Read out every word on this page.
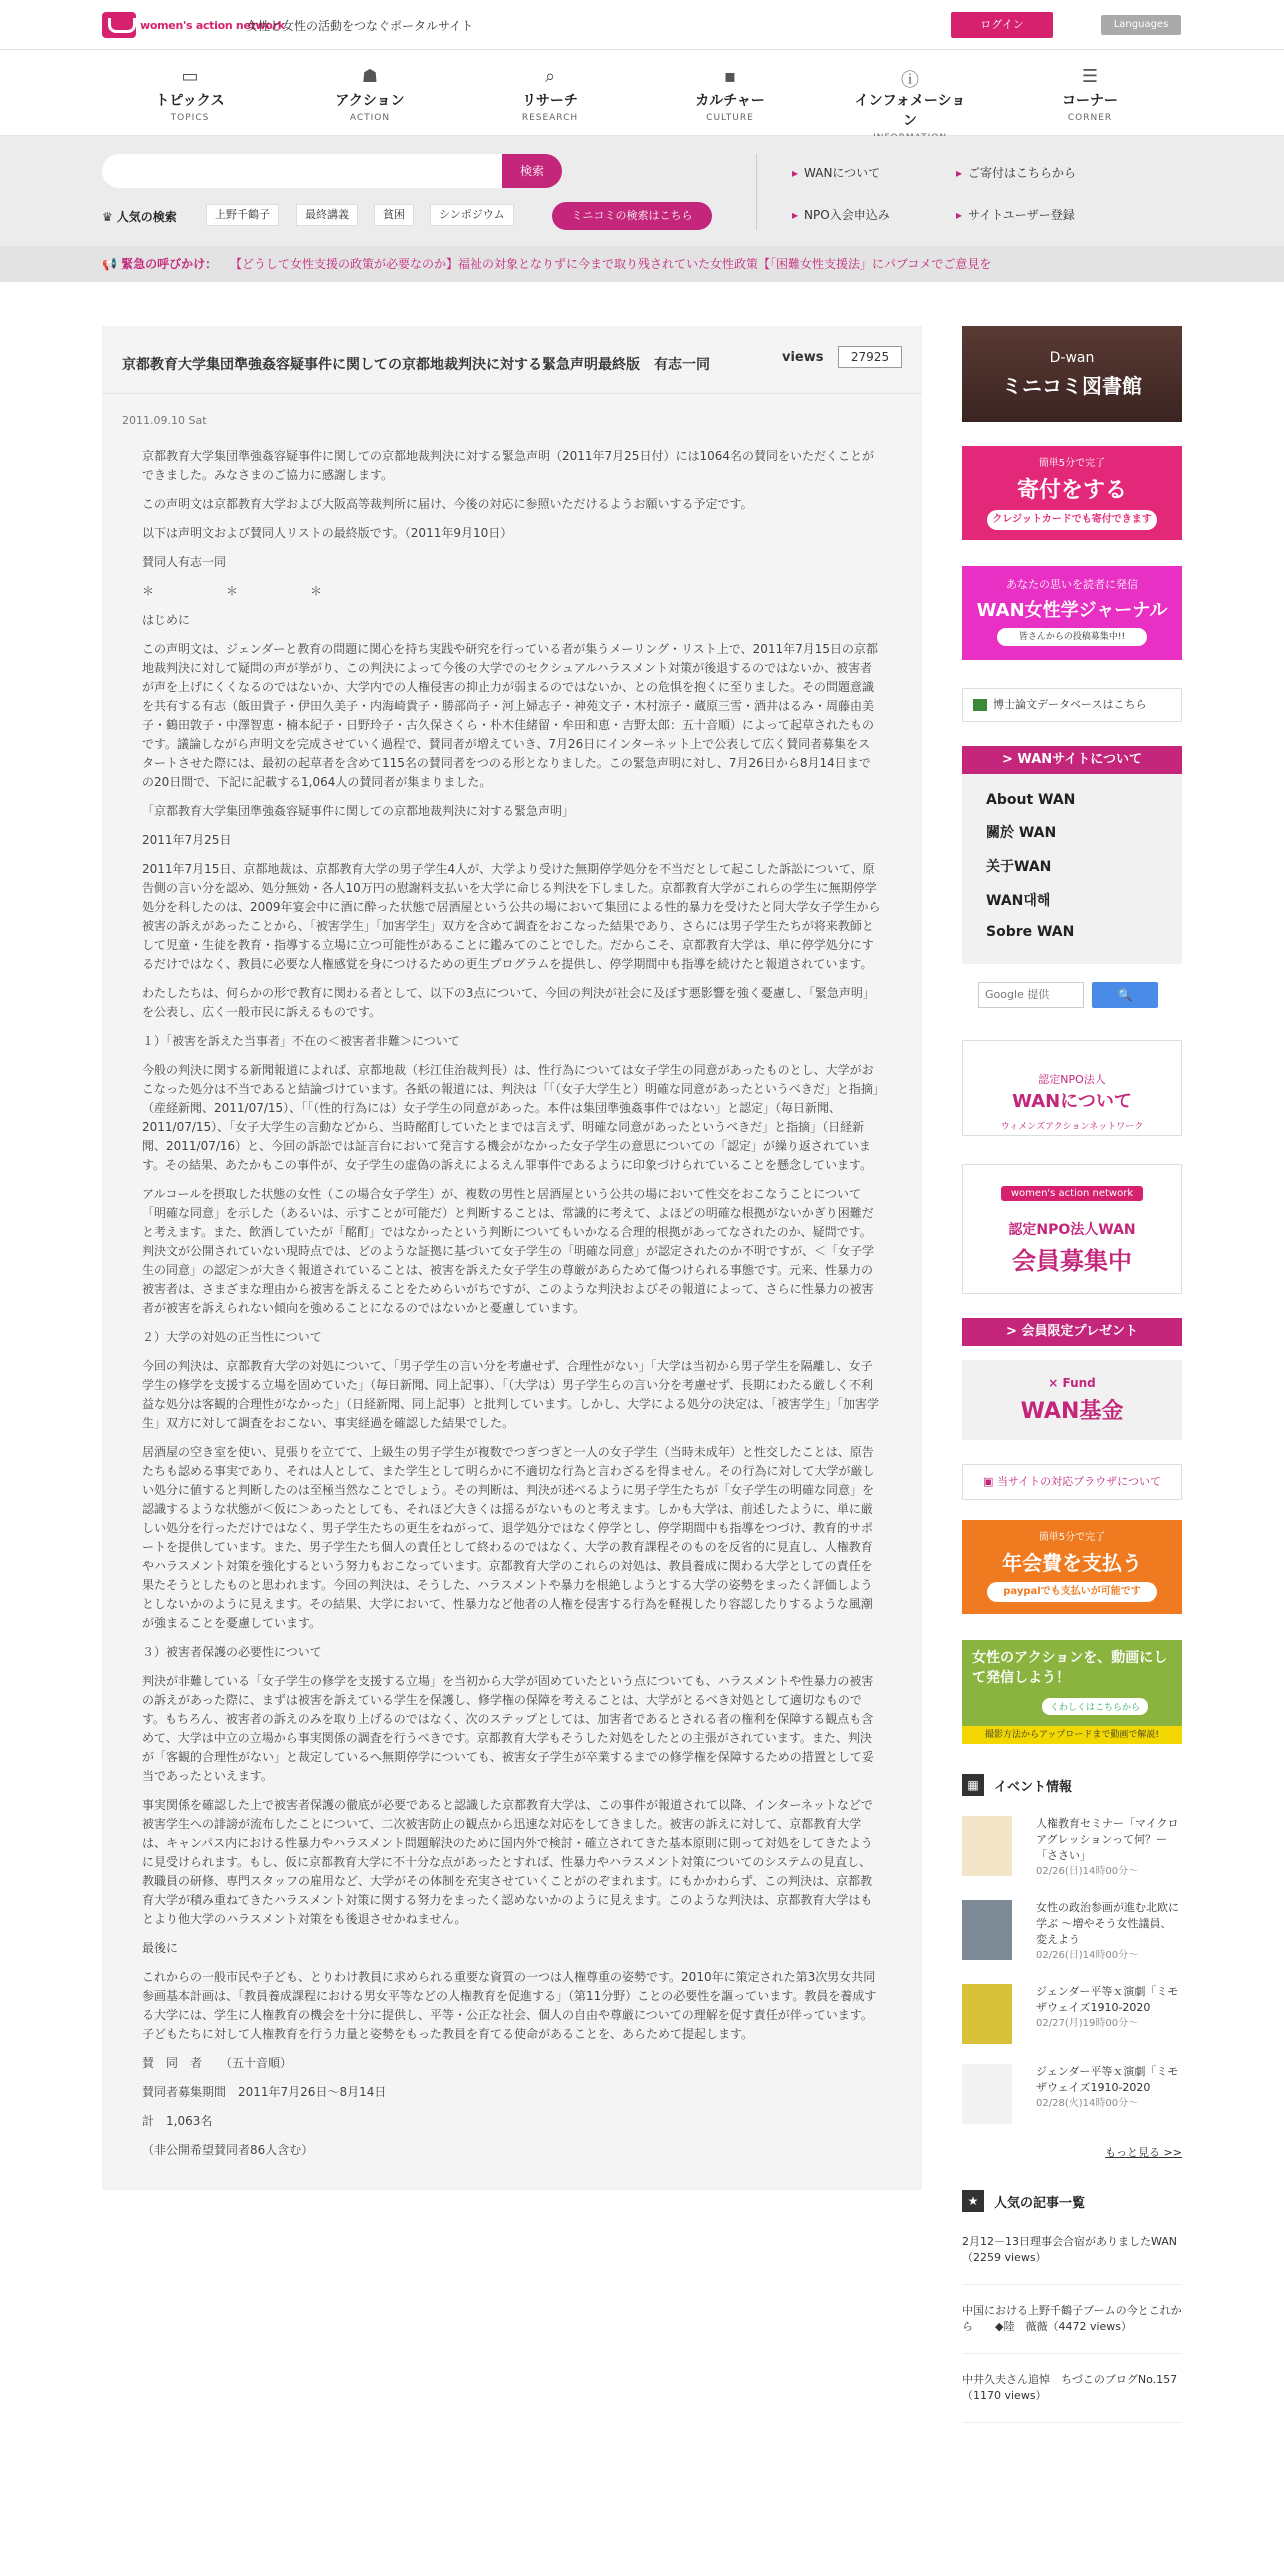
women's action network
女性と女性の活動をつなぐポータルサイト	ログイン	Languages
▭
トピックス
TOPICS
☗
アクション
ACTION
⌕
リサーチ
RESEARCH
▪
カルチャー
CULTURE
ⓘ
インフォメーション
☰
コーナー
CORNER
検索
♛ 人気の検索	上野千鶴子	最終講義	貧困	シンポジウム	ミニコミの検索はこちら
▸ WANについて	▸ ご寄付はこちらから
▸ NPO入会申込み	▸ サイトユーザー登録
📢 緊急の呼びかけ： 【どうして女性支援の政策が必要なのか】福祉の対象となりずに今まで取り残されていた女性政策【「困難女性支援法」にパブコメでご意見を
京都教育大学集団準強姦容疑事件に関しての京都地裁判決に対する緊急声明最終版　有志一同	views	27925
2011.09.10 Sat

京都教育大学集団準強姦容疑事件に関しての京都地裁判決に対する緊急声明（2011年7月25日付）には1064名の賛同をいただくことができました。みなさまのご協力に感謝します。

この声明文は京都教育大学および大阪高等裁判所に届け、今後の対応に参照いただけるようお願いする予定です。

以下は声明文および賛同人リストの最終版です。（2011年9月10日）

賛同人有志一同

＊　　　　　　＊　　　　　　＊

はじめに

この声明文は、ジェンダーと教育の問題に関心を持ち実践や研究を行っている者が集うメーリング・リスト上で、2011年7月15日の京都地裁判決に対して疑問の声が挙がり、この判決によって今後の大学でのセクシュアルハラスメント対策が後退するのではないか、被害者が声を上げにくくなるのではないか、大学内での人権侵害の抑止力が弱まるのではないか、との危惧を抱くに至りました。その問題意識を共有する有志（飯田貴子・伊田久美子・内海崎貴子・勝部尚子・河上婦志子・神苑文子・木村涼子・蔵原三雪・酒井はるみ・周藤由美子・鶴田敦子・中澤智恵・楠本紀子・日野玲子・古久保さくら・朴木佳緒留・牟田和恵・吉野太郎：五十音順）によって起草されたものです。議論しながら声明文を完成させていく過程で、賛同者が増えていき、7月26日にインターネット上で公表して広く賛同者募集をスタートさせた際には、最初の起草者を含めて115名の賛同者をつのる形となりました。この緊急声明に対し、7月26日から8月14日までの20日間で、下記に記載する1,064人の賛同者が集まりました。

「京都教育大学集団準強姦容疑事件に関しての京都地裁判決に対する緊急声明」

2011年7月25日

2011年7月15日、京都地裁は、京都教育大学の男子学生4人が、大学より受けた無期停学処分を不当だとして起こした訴訟について、原告側の言い分を認め、処分無効・各人10万円の慰謝料支払いを大学に命じる判決を下しました。京都教育大学がこれらの学生に無期停学処分を科したのは、2009年宴会中に酒に酔った状態で居酒屋という公共の場において集団による性的暴力を受けたと同大学女子学生から被害の訴えがあったことから、「被害学生」「加害学生」双方を含めて調査をおこなった結果であり、さらには男子学生たちが将来教師として児童・生徒を教育・指導する立場に立つ可能性があることに鑑みてのことでした。だからこそ、京都教育大学は、単に停学処分にするだけではなく、教員に必要な人権感覚を身につけるための更生プログラムを提供し、停学期間中も指導を続けたと報道されています。

わたしたちは、何らかの形で教育に関わる者として、以下の3点について、今回の判決が社会に及ぼす悪影響を強く憂慮し、「緊急声明」を公表し、広く一般市民に訴えるものです。

１）「被害を訴えた当事者」不在の＜被害者非難＞について

今般の判決に関する新聞報道によれば、京都地裁（杉江佳治裁判長）は、性行為については女子学生の同意があったものとし、大学がおこなった処分は不当であると結論づけています。各紙の報道には、判決は「「（女子大学生と）明確な同意があったというべきだ」と指摘」（産経新聞、2011/07/15）、「「（性的行為には）女子学生の同意があった。本件は集団準強姦事件ではない」と認定」（毎日新聞、2011/07/15）、「女子大学生の言動などから、当時酩酊していたとまでは言えず、明確な同意があったというべきだ」と指摘」（日経新聞、2011/07/16）と、今回の訴訟では証言台において発言する機会がなかった女子学生の意思についての「認定」が繰り返されています。その結果、あたかもこの事件が、女子学生の虚偽の訴えによるえん罪事件であるように印象づけられていることを懸念しています。

アルコールを摂取した状態の女性（この場合女子学生）が、複数の男性と居酒屋という公共の場において性交をおこなうことについて「明確な同意」を示した（あるいは、示すことが可能だ）と判断することは、常識的に考えて、よほどの明確な根拠がないかぎり困難だと考えます。また、飲酒していたが「酩酊」ではなかったという判断についてもいかなる合理的根拠があってなされたのか、疑問です。判決文が公開されていない現時点では、どのような証拠に基づいて女子学生の「明確な同意」が認定されたのか不明ですが、＜「女子学生の同意」の認定＞が大きく報道されていることは、被害を訴えた女子学生の尊厳があらためて傷つけられる事態です。元来、性暴力の被害者は、さまざまな理由から被害を訴えることをためらいがちですが、このような判決およびその報道によって、さらに性暴力の被害者が被害を訴えられない傾向を強めることになるのではないかと憂慮しています。

２）大学の対処の正当性について

今回の判決は、京都教育大学の対処について、「男子学生の言い分を考慮せず、合理性がない」「大学は当初から男子学生を隔離し、女子学生の修学を支援する立場を固めていた」（毎日新聞、同上記事）、「（大学は）男子学生らの言い分を考慮せず、長期にわたる厳しく不利益な処分は客観的合理性がなかった」（日経新聞、同上記事）と批判しています。しかし、大学による処分の決定は、「被害学生」「加害学生」双方に対して調査をおこない、事実経過を確認した結果でした。

居酒屋の空き室を使い、見張りを立てて、上級生の男子学生が複数でつぎつぎと一人の女子学生（当時未成年）と性交したことは、原告たちも認める事実であり、それは人として、また学生として明らかに不適切な行為と言わざるを得ません。その行為に対して大学が厳しい処分に値すると判断したのは至極当然なことでしょう。その判断は、判決が述べるように男子学生たちが「女子学生の明確な同意」を認識するような状態が＜仮に＞あったとしても、それほど大きくは揺るがないものと考えます。しかも大学は、前述したように、単に厳しい処分を行っただけではなく、男子学生たちの更生をねがって、退学処分ではなく停学とし、停学期間中も指導をつづけ、教育的サポートを提供しています。また、男子学生たち個人の責任として終わるのではなく、大学の教育課程そのものを反省的に見直し、人権教育やハラスメント対策を強化するという努力もおこなっています。京都教育大学のこれらの対処は、教員養成に関わる大学としての責任を果たそうとしたものと思われます。今回の判決は、そうした、ハラスメントや暴力を根絶しようとする大学の姿勢をまったく評価しようとしないかのように見えます。その結果、大学において、性暴力など他者の人権を侵害する行為を軽視したり容認したりするような風潮が強まることを憂慮しています。

３）被害者保護の必要性について

判決が非難している「女子学生の修学を支援する立場」を当初から大学が固めていたという点についても、ハラスメントや性暴力の被害の訴えがあった際に、まずは被害を訴えている学生を保護し、修学権の保障を考えることは、大学がとるべき対処として適切なものです。もちろん、被害者の訴えのみを取り上げるのではなく、次のステップとしては、加害者であるとされる者の権利を保障する観点も含めて、大学は中立の立場から事実関係の調査を行うべきです。京都教育大学もそうした対処をしたとの主張がされています。また、判決が「客観的合理性がない」と裁定しているへ無期停学についても、被害女子学生が卒業するまでの修学権を保障するための措置として妥当であったといえます。

事実関係を確認した上で被害者保護の徹底が必要であると認識した京都教育大学は、この事件が報道されて以降、インターネットなどで被害学生への誹謗が流布したことについて、二次被害防止の観点から迅速な対応をしてきました。被害の訴えに対して、京都教育大学は、キャンパス内における性暴力やハラスメント問題解決のために国内外で検討・確立されてきた基本原則に則って対処をしてきたように見受けられます。もし、仮に京都教育大学に不十分な点があったとすれば、性暴力やハラスメント対策についてのシステムの見直し、教職員の研修、専門スタッフの雇用など、大学がその体制を充実させていくことがのぞまれます。にもかかわらず、この判決は、京都教育大学が積み重ねてきたハラスメント対策に関する努力をまったく認めないかのように見えます。このような判決は、京都教育大学はもとより他大学のハラスメント対策をも後退させかねません。

最後に

これからの一般市民や子ども、とりわけ教員に求められる重要な資質の一つは人権尊重の姿勢です。2010年に策定された第3次男女共同参画基本計画は、「教員養成課程における男女平等などの人権教育を促進する」（第11分野）ことの必要性を謳っています。教員を養成する大学には、学生に人権教育の機会を十分に提供し、平等・公正な社会、個人の自由や尊厳についての理解を促す責任が伴っています。子どもたちに対して人権教育を行う力量と姿勢をもった教員を育てる使命があることを、あらためて提起します。

賛　同　者　　（五十音順）

賛同者募集期間　2011年7月26日〜8月14日

計　1,063名

（非公開希望賛同者86人含む）

D-wan
ミニコミ図書館
簡単5分で完了
寄付をする
クレジットカードでも寄付できます
あなたの思いを読者に発信
WAN女性学ジャーナル
皆さんからの投稿募集中!!
博士論文データベースはこちら
> WANサイトについて
About WAN
關於 WAN
关于WAN
WAN대해
Sobre WAN
Google 提供	🔍
認定NPO法人
WANについて
ウィメンズアクションネットワーク
women's action network
認定NPO法人WAN
会員募集中
> 会員限定プレゼント
× Fund
WAN基金
▣ 当サイトの対応ブラウザについて
簡単5分で完了
年会費を支払う
paypalでも支払いが可能です
女性のアクションを、動画にして発信しよう！
くわしくはこちらから
撮影方法からアップロードまで動画で解説!
▦	イベント情報
人権教育セミナー「マイクロアグレッションって何？ー「ささい」
02/26(日)14時00分〜
女性の政治参画が進む北欧に学ぶ 〜増やそう女性議員、変えよう
02/26(日)14時00分〜
ジェンダー平等ｘ演劇「ミモザウェイズ1910-2020
02/27(月)19時00分〜
ジェンダー平等ｘ演劇「ミモザウェイズ1910-2020
02/28(火)14時00分〜
もっと見る >>
★	人気の記事一覧
2月12－13日理事会合宿がありましたWAN（2259 views）
中国における上野千鶴子ブームの今とこれから　　◆陸　薇薇（4472 views）
中井久夫さん追悼　ちづこのブログNo.157（1170 views）
